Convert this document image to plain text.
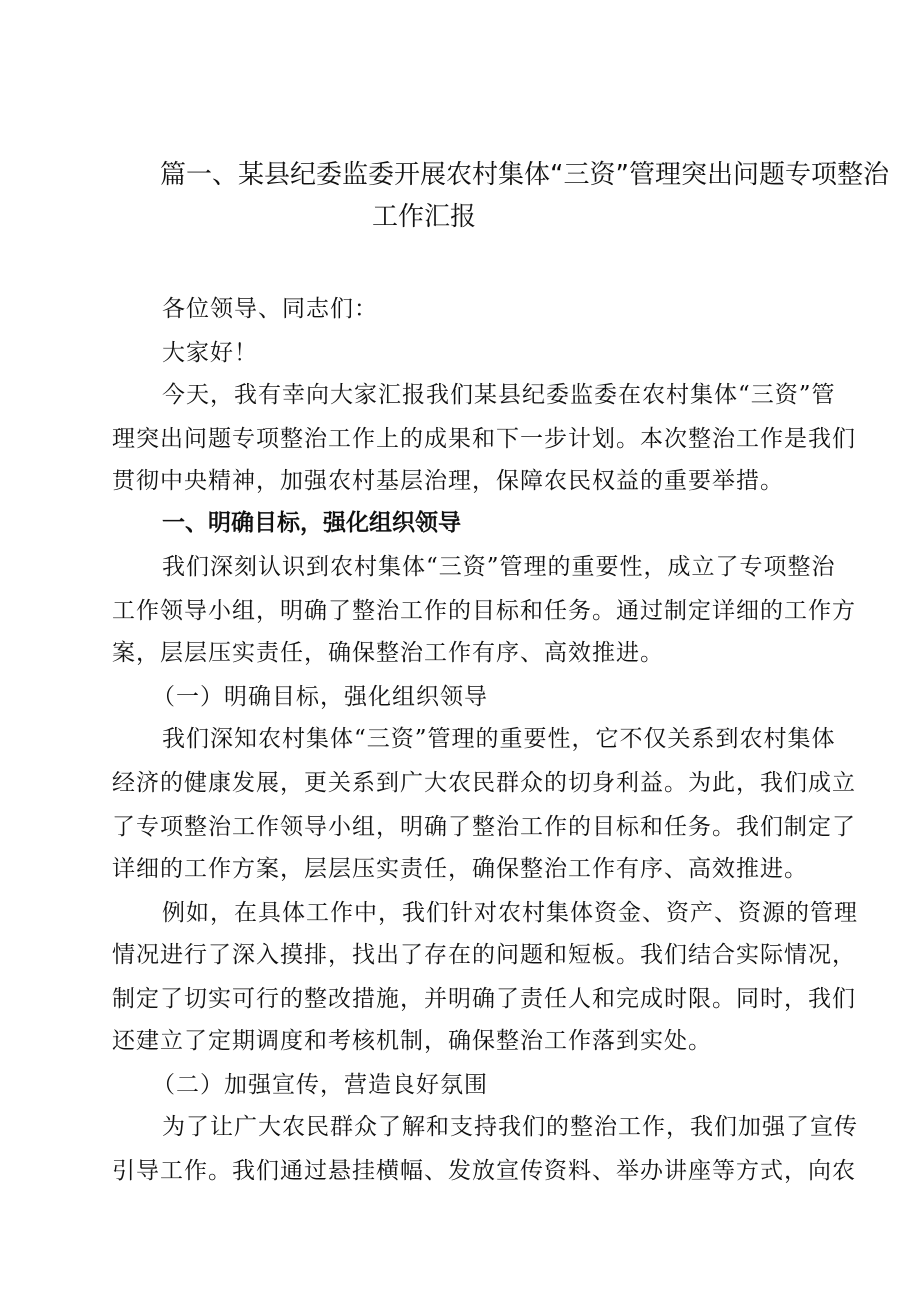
篇一、某县纪委监委开展农村集体“三资”管理突出问题专项整治
工作汇报
各位领导、同志们：
大家好！
今天，我有幸向大家汇报我们某县纪委监委在农村集体“三资”管
理突出问题专项整治工作上的成果和下一步计划。本次整治工作是我们
贯彻中央精神，加强农村基层治理，保障农民权益的重要举措。
一、明确目标，强化组织领导
我们深刻认识到农村集体“三资”管理的重要性，成立了专项整治
工作领导小组，明确了整治工作的目标和任务。通过制定详细的工作方
案，层层压实责任，确保整治工作有序、高效推进。
（一）明确目标，强化组织领导
我们深知农村集体“三资”管理的重要性，它不仅关系到农村集体
经济的健康发展，更关系到广大农民群众的切身利益。为此，我们成立
了专项整治工作领导小组，明确了整治工作的目标和任务。我们制定了
详细的工作方案，层层压实责任，确保整治工作有序、高效推进。
例如，在具体工作中，我们针对农村集体资金、资产、资源的管理
情况进行了深入摸排，找出了存在的问题和短板。我们结合实际情况，
制定了切实可行的整改措施，并明确了责任人和完成时限。同时，我们
还建立了定期调度和考核机制，确保整治工作落到实处。
（二）加强宣传，营造良好氛围
为了让广大农民群众了解和支持我们的整治工作，我们加强了宣传
引导工作。我们通过悬挂横幅、发放宣传资料、举办讲座等方式，向农
